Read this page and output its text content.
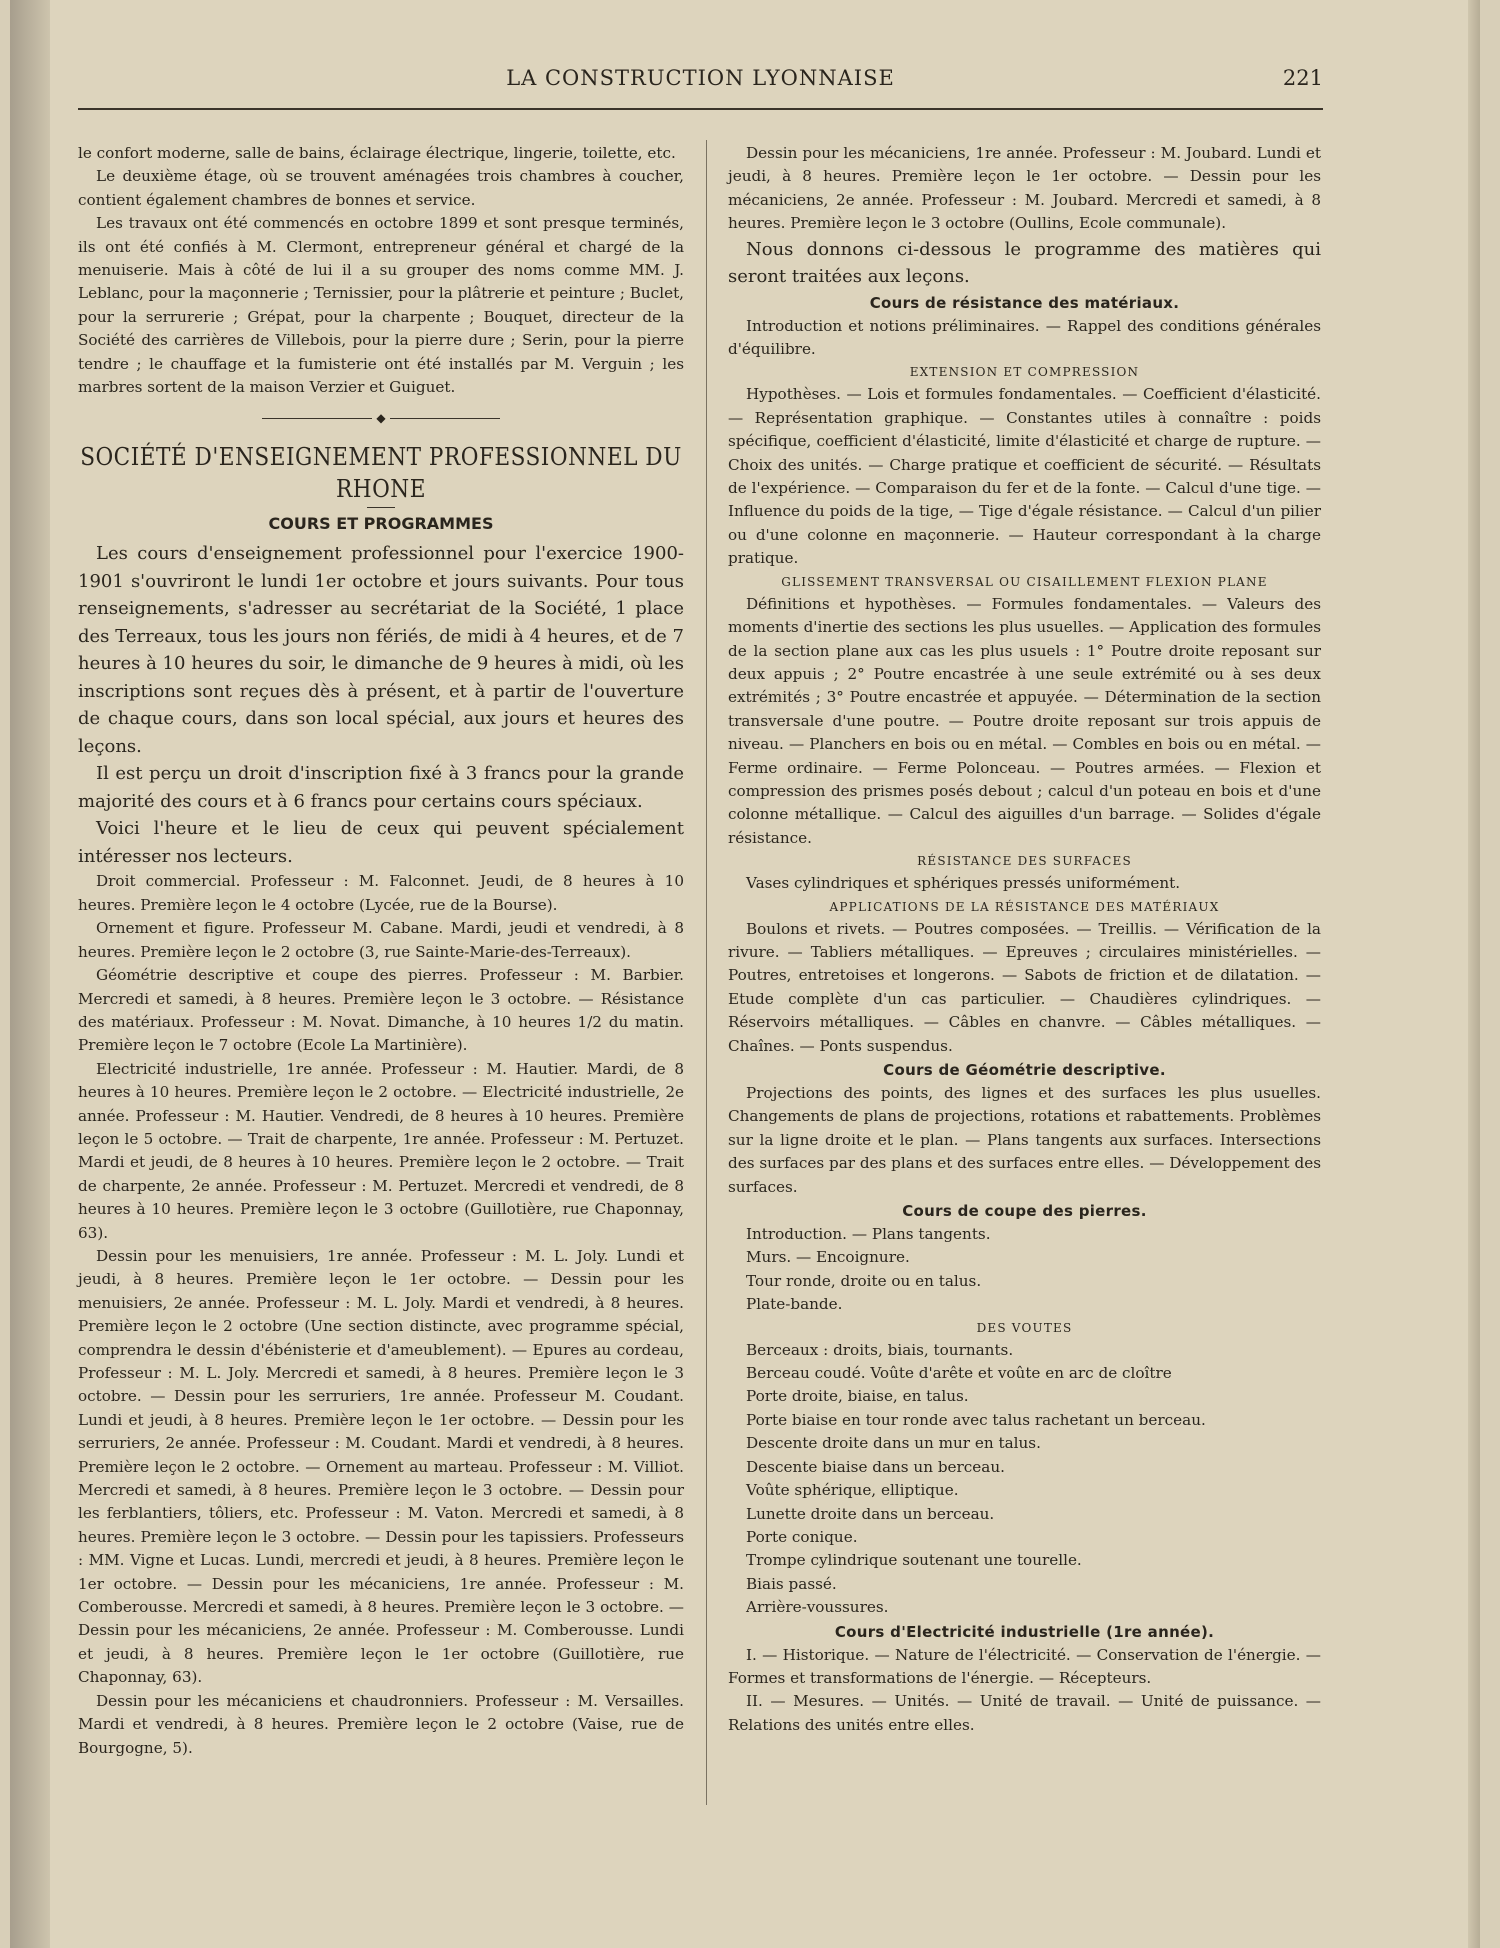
LA CONSTRUCTION LYONNAISE	221

le confort moderne, salle de bains, éclairage électrique, lingerie, toilette, etc.

Le deuxième étage, où se trouvent aménagées trois chambres à coucher, contient également chambres de bonnes et service.

Les travaux ont été commencés en octobre 1899 et sont presque terminés, ils ont été confiés à M. Clermont, entrepreneur général et chargé de la menuiserie. Mais à côté de lui il a su grouper des noms comme MM. J. Leblanc, pour la maçonnerie ; Ternissier, pour la plâtrerie et peinture ; Buclet, pour la serrurerie ; Grépat, pour la charpente ; Bouquet, directeur de la Société des carrières de Villebois, pour la pierre dure ; Serin, pour la pierre tendre ; le chauffage et la fumisterie ont été installés par M. Verguin ; les marbres sortent de la maison Verzier et Guiguet.

◆
SOCIÉTÉ D'ENSEIGNEMENT PROFESSIONNEL DU RHONE
COURS ET PROGRAMMES

Les cours d'enseignement professionnel pour l'exercice 1900-1901 s'ouvriront le lundi 1er octobre et jours suivants. Pour tous renseignements, s'adresser au secrétariat de la Société, 1 place des Terreaux, tous les jours non fériés, de midi à 4 heures, et de 7 heures à 10 heures du soir, le dimanche de 9 heures à midi, où les inscriptions sont reçues dès à présent, et à partir de l'ouverture de chaque cours, dans son local spécial, aux jours et heures des leçons.

Il est perçu un droit d'inscription fixé à 3 francs pour la grande majorité des cours et à 6 francs pour certains cours spéciaux.

Voici l'heure et le lieu de ceux qui peuvent spécialement intéresser nos lecteurs.

Droit commercial. Professeur : M. Falconnet. Jeudi, de 8 heures à 10 heures. Première leçon le 4 octobre (Lycée, rue de la Bourse).

Ornement et figure. Professeur M. Cabane. Mardi, jeudi et vendredi, à 8 heures. Première leçon le 2 octobre (3, rue Sainte-Marie-des-Terreaux).

Géométrie descriptive et coupe des pierres. Professeur : M. Barbier. Mercredi et samedi, à 8 heures. Première leçon le 3 octobre. — Résistance des matériaux. Professeur : M. Novat. Dimanche, à 10 heures 1/2 du matin. Première leçon le 7 octobre (Ecole La Martinière).

Electricité industrielle, 1re année. Professeur : M. Hautier. Mardi, de 8 heures à 10 heures. Première leçon le 2 octobre. — Electricité industrielle, 2e année. Professeur : M. Hautier. Vendredi, de 8 heures à 10 heures. Première leçon le 5 octobre. — Trait de charpente, 1re année. Professeur : M. Pertuzet. Mardi et jeudi, de 8 heures à 10 heures. Première leçon le 2 octobre. — Trait de charpente, 2e année. Professeur : M. Pertuzet. Mercredi et vendredi, de 8 heures à 10 heures. Première leçon le 3 octobre (Guillotière, rue Chaponnay, 63).

Dessin pour les menuisiers, 1re année. Professeur : M. L. Joly. Lundi et jeudi, à 8 heures. Première leçon le 1er octobre. — Dessin pour les menuisiers, 2e année. Professeur : M. L. Joly. Mardi et vendredi, à 8 heures. Première leçon le 2 octobre (Une section distincte, avec programme spécial, comprendra le dessin d'ébénisterie et d'ameublement). — Epures au cordeau, Professeur : M. L. Joly. Mercredi et samedi, à 8 heures. Première leçon le 3 octobre. — Dessin pour les serruriers, 1re année. Professeur M. Coudant. Lundi et jeudi, à 8 heures. Première leçon le 1er octobre. — Dessin pour les serruriers, 2e année. Professeur : M. Coudant. Mardi et vendredi, à 8 heures. Première leçon le 2 octobre. — Ornement au marteau. Professeur : M. Villiot. Mercredi et samedi, à 8 heures. Première leçon le 3 octobre. — Dessin pour les ferblantiers, tôliers, etc. Professeur : M. Vaton. Mercredi et samedi, à 8 heures. Première leçon le 3 octobre. — Dessin pour les tapissiers. Professeurs : MM. Vigne et Lucas. Lundi, mercredi et jeudi, à 8 heures. Première leçon le 1er octobre. — Dessin pour les mécaniciens, 1re année. Professeur : M. Comberousse. Mercredi et samedi, à 8 heures. Première leçon le 3 octobre. — Dessin pour les mécaniciens, 2e année. Professeur : M. Comberousse. Lundi et jeudi, à 8 heures. Première leçon le 1er octobre (Guillotière, rue Chaponnay, 63).

Dessin pour les mécaniciens et chaudronniers. Professeur : M. Versailles. Mardi et vendredi, à 8 heures. Première leçon le 2 octobre (Vaise, rue de Bourgogne, 5).

Dessin pour les mécaniciens, 1re année. Professeur : M. Joubard. Lundi et jeudi, à 8 heures. Première leçon le 1er octobre. — Dessin pour les mécaniciens, 2e année. Professeur : M. Joubard. Mercredi et samedi, à 8 heures. Première leçon le 3 octobre (Oullins, Ecole communale).

Nous donnons ci-dessous le programme des matières qui seront traitées aux leçons.

Cours de résistance des matériaux.

Introduction et notions préliminaires. — Rappel des conditions générales d'équilibre.

EXTENSION ET COMPRESSION

Hypothèses. — Lois et formules fondamentales. — Coefficient d'élasticité. — Représentation graphique. — Constantes utiles à connaître : poids spécifique, coefficient d'élasticité, limite d'élasticité et charge de rupture. — Choix des unités. — Charge pratique et coefficient de sécurité. — Résultats de l'expérience. — Comparaison du fer et de la fonte. — Calcul d'une tige. — Influence du poids de la tige, — Tige d'égale résistance. — Calcul d'un pilier ou d'une colonne en maçonnerie. — Hauteur correspondant à la charge pratique.

GLISSEMENT TRANSVERSAL OU CISAILLEMENT FLEXION PLANE

Définitions et hypothèses. — Formules fondamentales. — Valeurs des moments d'inertie des sections les plus usuelles. — Application des formules de la section plane aux cas les plus usuels : 1° Poutre droite reposant sur deux appuis ; 2° Poutre encastrée à une seule extrémité ou à ses deux extrémités ; 3° Poutre encastrée et appuyée. — Détermination de la section transversale d'une poutre. — Poutre droite reposant sur trois appuis de niveau. — Planchers en bois ou en métal. — Combles en bois ou en métal. — Ferme ordinaire. — Ferme Polonceau. — Poutres armées. — Flexion et compression des prismes posés debout ; calcul d'un poteau en bois et d'une colonne métallique. — Calcul des aiguilles d'un barrage. — Solides d'égale résistance.

RÉSISTANCE DES SURFACES

Vases cylindriques et sphériques pressés uniformément.

APPLICATIONS DE LA RÉSISTANCE DES MATÉRIAUX

Boulons et rivets. — Poutres composées. — Treillis. — Vérification de la rivure. — Tabliers métalliques. — Epreuves ; circulaires ministérielles. — Poutres, entretoises et longerons. — Sabots de friction et de dilatation. — Etude complète d'un cas particulier. — Chaudières cylindriques. — Réservoirs métalliques. — Câbles en chanvre. — Câbles métalliques. — Chaînes. — Ponts suspendus.

Cours de Géométrie descriptive.

Projections des points, des lignes et des surfaces les plus usuelles. Changements de plans de projections, rotations et rabattements. Problèmes sur la ligne droite et le plan. — Plans tangents aux surfaces. Intersections des surfaces par des plans et des surfaces entre elles. — Développement des surfaces.

Cours de coupe des pierres.

Introduction. — Plans tangents.

Murs. — Encoignure.

Tour ronde, droite ou en talus.

Plate-bande.

DES VOUTES

Berceaux : droits, biais, tournants.

Berceau coudé. Voûte d'arête et voûte en arc de cloître

Porte droite, biaise, en talus.

Porte biaise en tour ronde avec talus rachetant un berceau.

Descente droite dans un mur en talus.

Descente biaise dans un berceau.

Voûte sphérique, elliptique.

Lunette droite dans un berceau.

Porte conique.

Trompe cylindrique soutenant une tourelle.

Biais passé.

Arrière-voussures.

Cours d'Electricité industrielle (1re année).

I. — Historique. — Nature de l'électricité. — Conservation de l'énergie. — Formes et transformations de l'énergie. — Récepteurs.

II. — Mesures. — Unités. — Unité de travail. — Unité de puissance. — Relations des unités entre elles.
